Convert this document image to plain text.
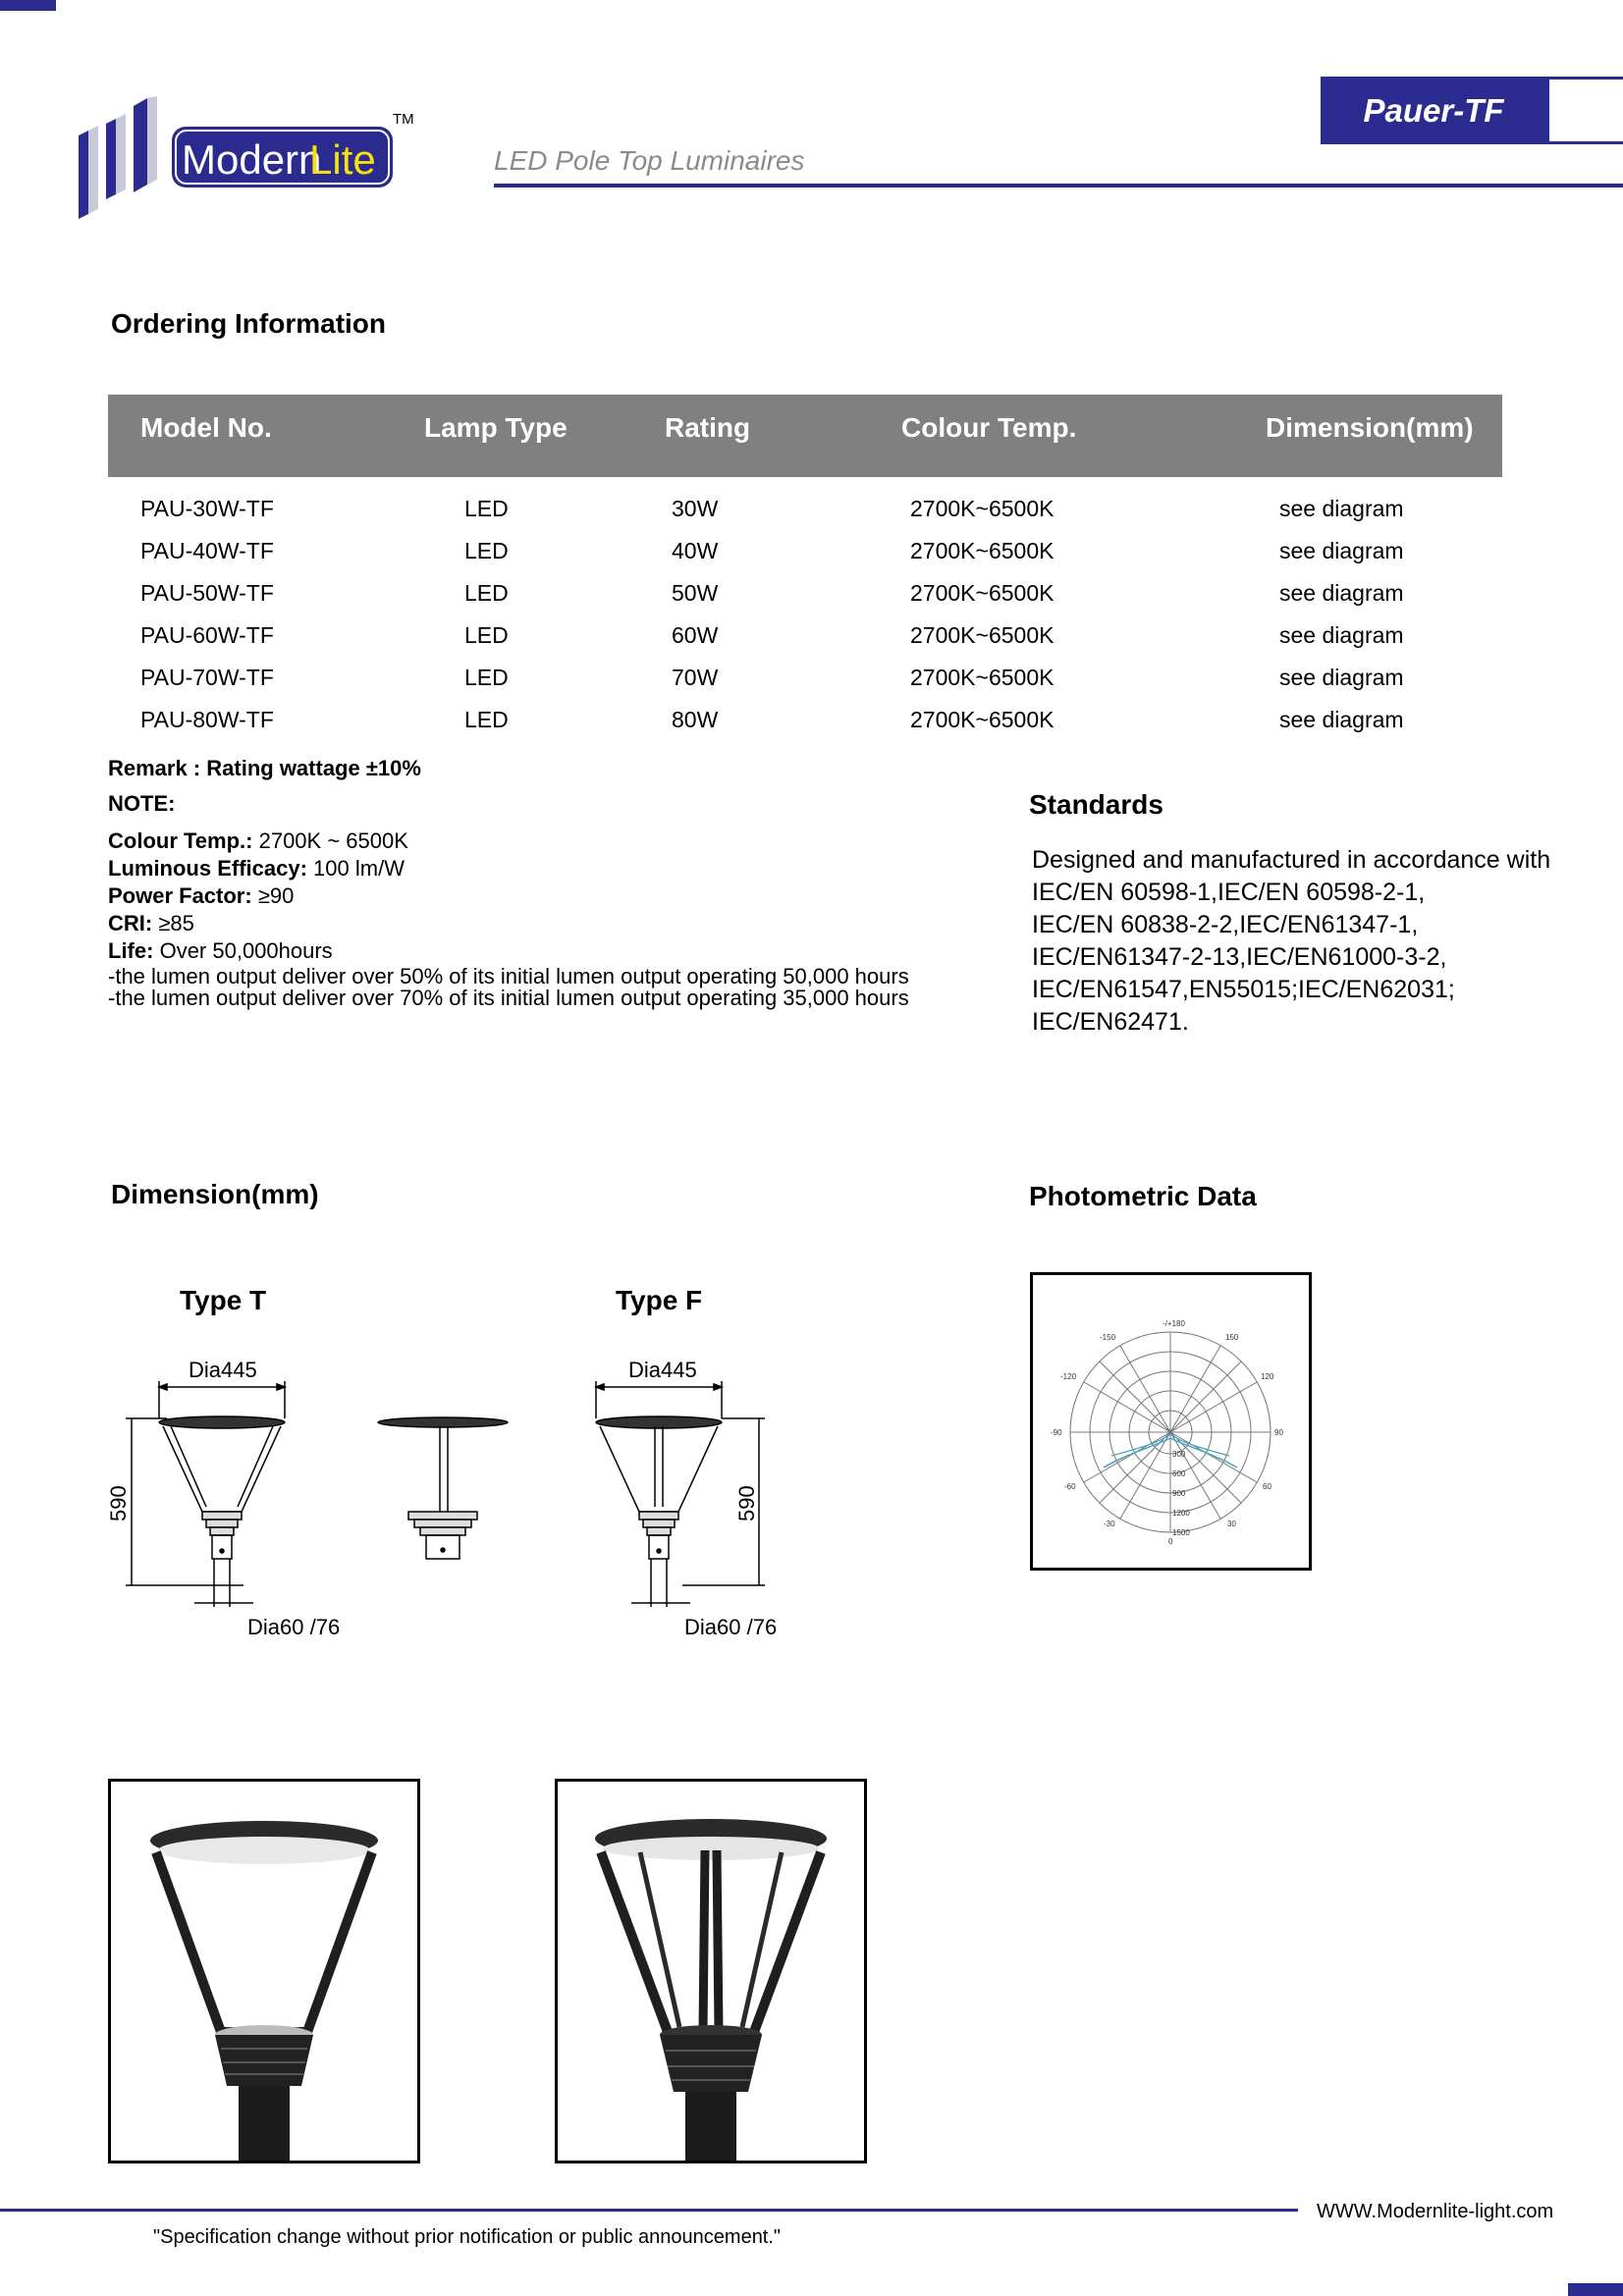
Modern
Lite
TM
LED Pole Top Luminaires
Pauer-TF
Ordering Information
Model No.	Lamp Type	Rating	Colour Temp.	Dimension(mm)
PAU-30W-TF	LED	30W	2700K~6500K	see diagram
PAU-40W-TF	LED	40W	2700K~6500K	see diagram
PAU-50W-TF	LED	50W	2700K~6500K	see diagram
PAU-60W-TF	LED	60W	2700K~6500K	see diagram
PAU-70W-TF	LED	70W	2700K~6500K	see diagram
PAU-80W-TF	LED	80W	2700K~6500K	see diagram
Remark : Rating wattage ±10%
NOTE:
Colour Temp.: 2700K ~ 6500K
Luminous Efficacy: 100 lm/W
Power Factor: ≥90
CRI: ≥85
Life: Over 50,000hours
-the lumen output deliver over 50% of its initial lumen output operating 50,000 hours
-the lumen output deliver over 70% of its initial lumen output operating 35,000 hours
Standards
Designed and manufactured in accordance with
IEC/EN 60598-1,IEC/EN 60598-2-1,
IEC/EN 60838-2-2,IEC/EN61347-1,
IEC/EN61347-2-13,IEC/EN61000-3-2,
IEC/EN61547,EN55015;IEC/EN62031;
IEC/EN62471.
Dimension(mm)	Photometric Data
Type T	Type F
Dia445
590
Dia60 /76
Dia445
590
Dia60 /76
-/+180
-150	150
-120	120
-90	90
-60	60
-30	30
0
300
600
900
1200
1500
WWW.Modernlite-light.com
"Specification change without prior notification or public announcement."
